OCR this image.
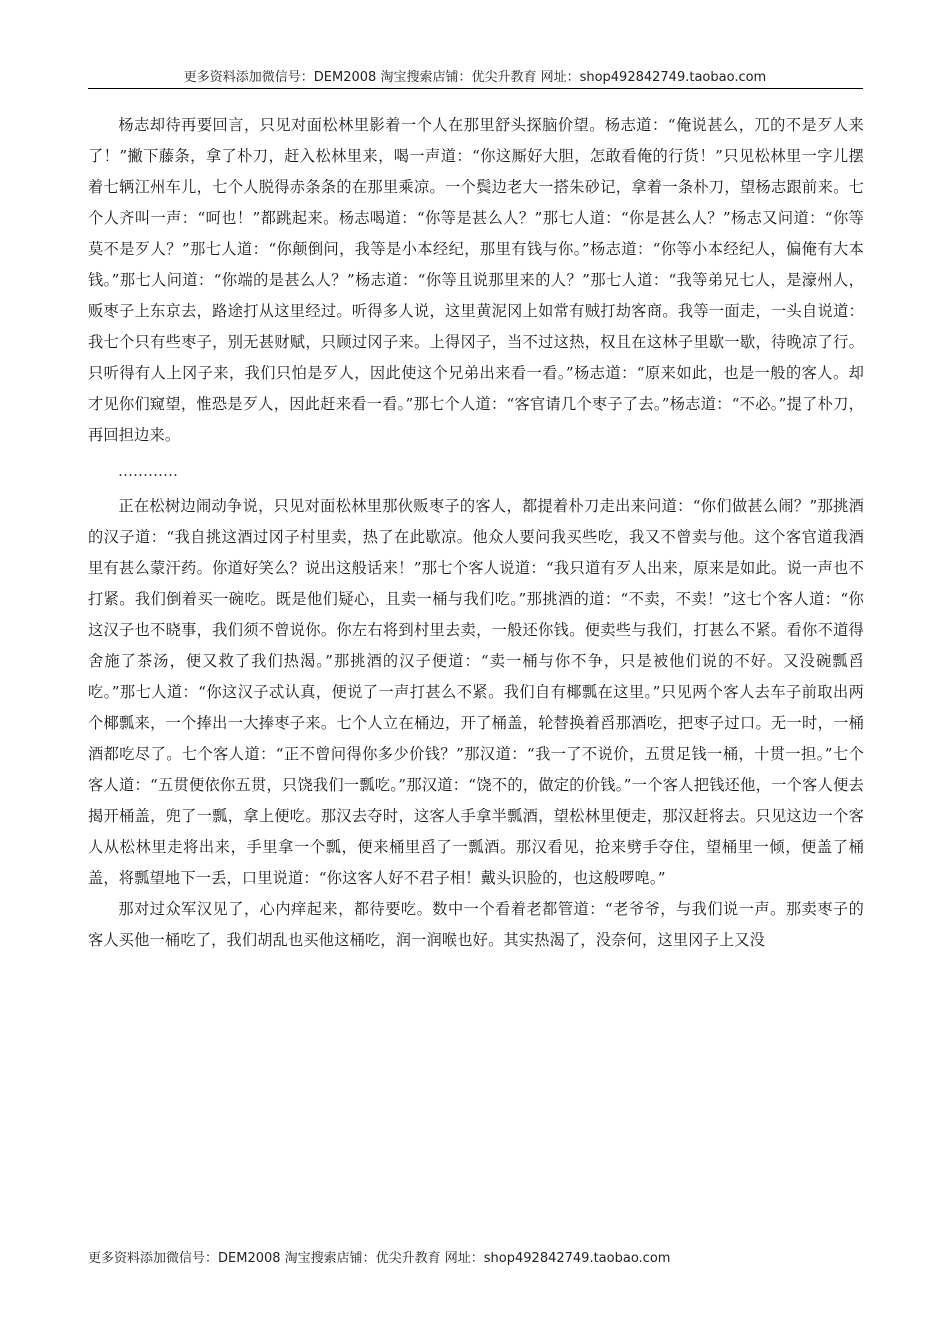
更多资料添加微信号：DEM2008 淘宝搜索店铺：优尖升教育 网址：shop492842749.taobao.com

杨志却待再要回言，只见对面松林里影着一个人在那里舒头探脑价望。杨志道：“俺说甚么，兀的不是歹人来了！”撇下藤条，拿了朴刀，赶入松林里来，喝一声道：“你这厮好大胆，怎敢看俺的行货！”只见松林里一字儿摆着七辆江州车儿，七个人脱得赤条条的在那里乘凉。一个鬓边老大一搭朱砂记，拿着一条朴刀，望杨志跟前来。七个人齐叫一声：“呵也！”都跳起来。杨志喝道：“你等是甚么人？”那七人道：“你是甚么人？”杨志又问道：“你等莫不是歹人？”那七人道：“你颠倒问，我等是小本经纪，那里有钱与你。”杨志道：“你等小本经纪人，偏俺有大本钱。”那七人问道：“你端的是甚么人？”杨志道：“你等且说那里来的人？”那七人道：“我等弟兄七人，是濠州人，贩枣子上东京去，路途打从这里经过。听得多人说，这里黄泥冈上如常有贼打劫客商。我等一面走，一头自说道：我七个只有些枣子，别无甚财赋，只顾过冈子来。上得冈子，当不过这热，权且在这林子里歇一歇，待晚凉了行。只听得有人上冈子来，我们只怕是歹人，因此使这个兄弟出来看一看。”杨志道：“原来如此，也是一般的客人。却才见你们窥望，惟恐是歹人，因此赶来看一看。”那七个人道：“客官请几个枣子了去。”杨志道：“不必。”提了朴刀，再回担边来。

…………

正在松树边闹动争说，只见对面松林里那伙贩枣子的客人，都提着朴刀走出来问道：“你们做甚么闹？”那挑酒的汉子道：“我自挑这酒过冈子村里卖，热了在此歇凉。他众人要问我买些吃，我又不曾卖与他。这个客官道我酒里有甚么蒙汗药。你道好笑么？说出这般话来！”那七个客人说道：“我只道有歹人出来，原来是如此。说一声也不打紧。我们倒着买一碗吃。既是他们疑心，且卖一桶与我们吃。”那挑酒的道：“不卖，不卖！”这七个客人道：“你这汉子也不晓事，我们须不曾说你。你左右将到村里去卖，一般还你钱。便卖些与我们，打甚么不紧。看你不道得舍施了茶汤，便又救了我们热渴。”那挑酒的汉子便道：“卖一桶与你不争，只是被他们说的不好。又没碗瓢舀吃。”那七人道：“你这汉子忒认真，便说了一声打甚么不紧。我们自有椰瓢在这里。”只见两个客人去车子前取出两个椰瓢来，一个捧出一大捧枣子来。七个人立在桶边，开了桶盖，轮替换着舀那酒吃，把枣子过口。无一时，一桶酒都吃尽了。七个客人道：“正不曾问得你多少价钱？”那汉道：“我一了不说价，五贯足钱一桶，十贯一担。”七个客人道：“五贯便依你五贯，只饶我们一瓢吃。”那汉道：“饶不的，做定的价钱。”一个客人把钱还他，一个客人便去揭开桶盖，兜了一瓢，拿上便吃。那汉去夺时，这客人手拿半瓢酒，望松林里便走，那汉赶将去。只见这边一个客人从松林里走将出来，手里拿一个瓢，便来桶里舀了一瓢酒。那汉看见，抢来劈手夺住，望桶里一倾，便盖了桶盖，将瓢望地下一丢，口里说道：“你这客人好不君子相！戴头识脸的，也这般啰唣。”

那对过众军汉见了，心内痒起来，都待要吃。数中一个看着老都管道：“老爷爷，与我们说一声。那卖枣子的客人买他一桶吃了，我们胡乱也买他这桶吃，润一润喉也好。其实热渴了，没奈何，这里冈子上又没

更多资料添加微信号：DEM2008 淘宝搜索店铺：优尖升教育 网址：shop492842749.taobao.com
